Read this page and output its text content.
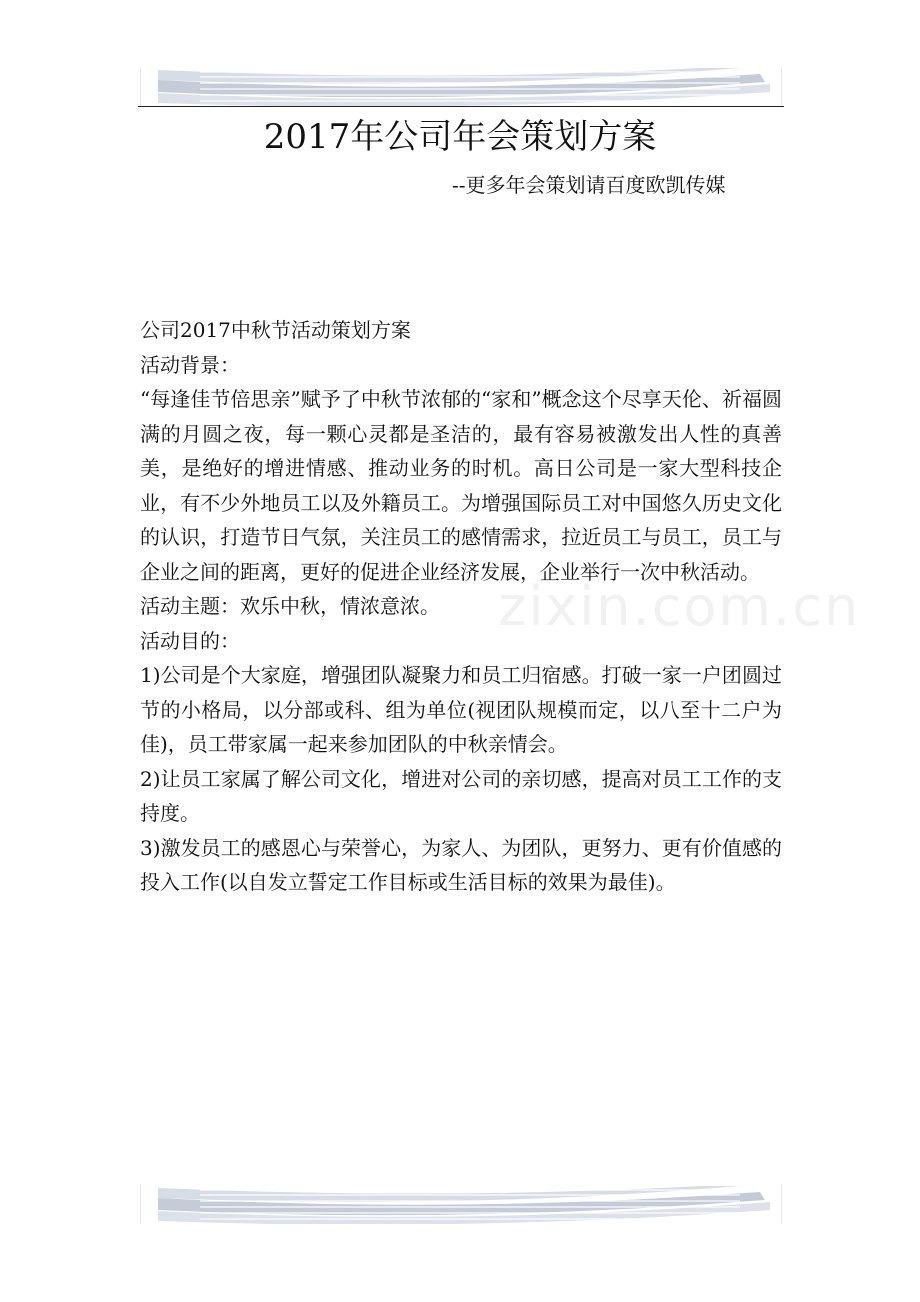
2017年公司年会策划方案
--更多年会策划请百度欧凯传媒

公司2017中秋节活动策划方案

活动背景：

“每逢佳节倍思亲”赋予了中秋节浓郁的“家和”概念这个尽享天伦、祈福圆满的月圆之夜，每一颗心灵都是圣洁的，最有容易被激发出人性的真善美，是绝好的增进情感、推动业务的时机。高日公司是一家大型科技企业，有不少外地员工以及外籍员工。为增强国际员工对中国悠久历史文化的认识，打造节日气氛，关注员工的感情需求，拉近员工与员工，员工与企业之间的距离，更好的促进企业经济发展，企业举行一次中秋活动。

活动主题：欢乐中秋，情浓意浓。

活动目的：

1)公司是个大家庭，增强团队凝聚力和员工归宿感。打破一家一户团圆过节的小格局，以分部或科、组为单位(视团队规模而定，以八至十二户为佳)，员工带家属一起来参加团队的中秋亲情会。

2)让员工家属了解公司文化，增进对公司的亲切感，提高对员工工作的支持度。

3)激发员工的感恩心与荣誉心，为家人、为团队，更努力、更有价值感的投入工作(以自发立誓定工作目标或生活目标的效果为最佳)。

zixin.com.cn
